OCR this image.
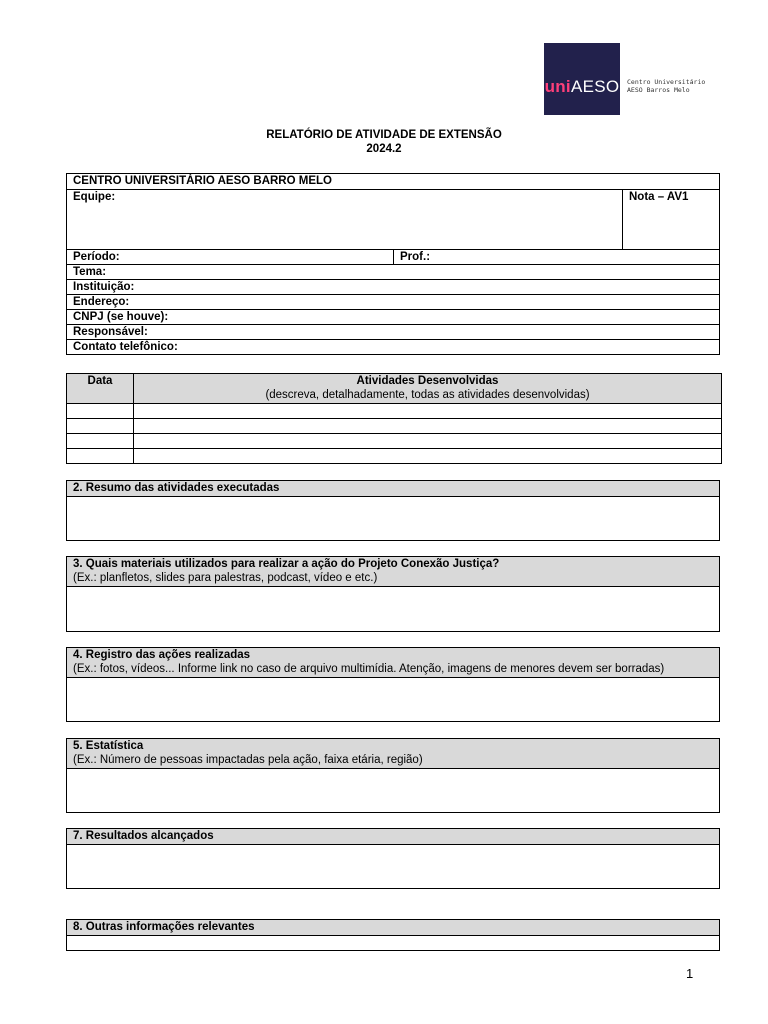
uniAESO Centro Universitário
AESO Barros Melo
RELATÓRIO DE ATIVIDADE DE EXTENSÃO
2024.2
CENTRO UNIVERSITÁRIO AESO BARRO MELO		
Equipe:		Nota – AV1
Período:	Prof.:	
Tema:		
Instituição:		
Endereço:		
CNPJ (se houve):		
Responsável:		
Contato telefônico:		
Data	Atividades Desenvolvidas
(descreva, detalhadamente, todas as atividades desenvolvidas)

2. Resumo das atividades executadas

3. Quais materiais utilizados para realizar a ação do Projeto Conexão Justiça?
(Ex.: planfletos, slides para palestras, podcast, vídeo e etc.)

4. Registro das ações realizadas
(Ex.: fotos, vídeos... Informe link no caso de arquivo multimídia. Atenção, imagens de menores devem ser borradas)

5. Estatística
(Ex.: Número de pessoas impactadas pela ação, faixa etária, região)

7. Resultados alcançados

8. Outras informações relevantes

1
